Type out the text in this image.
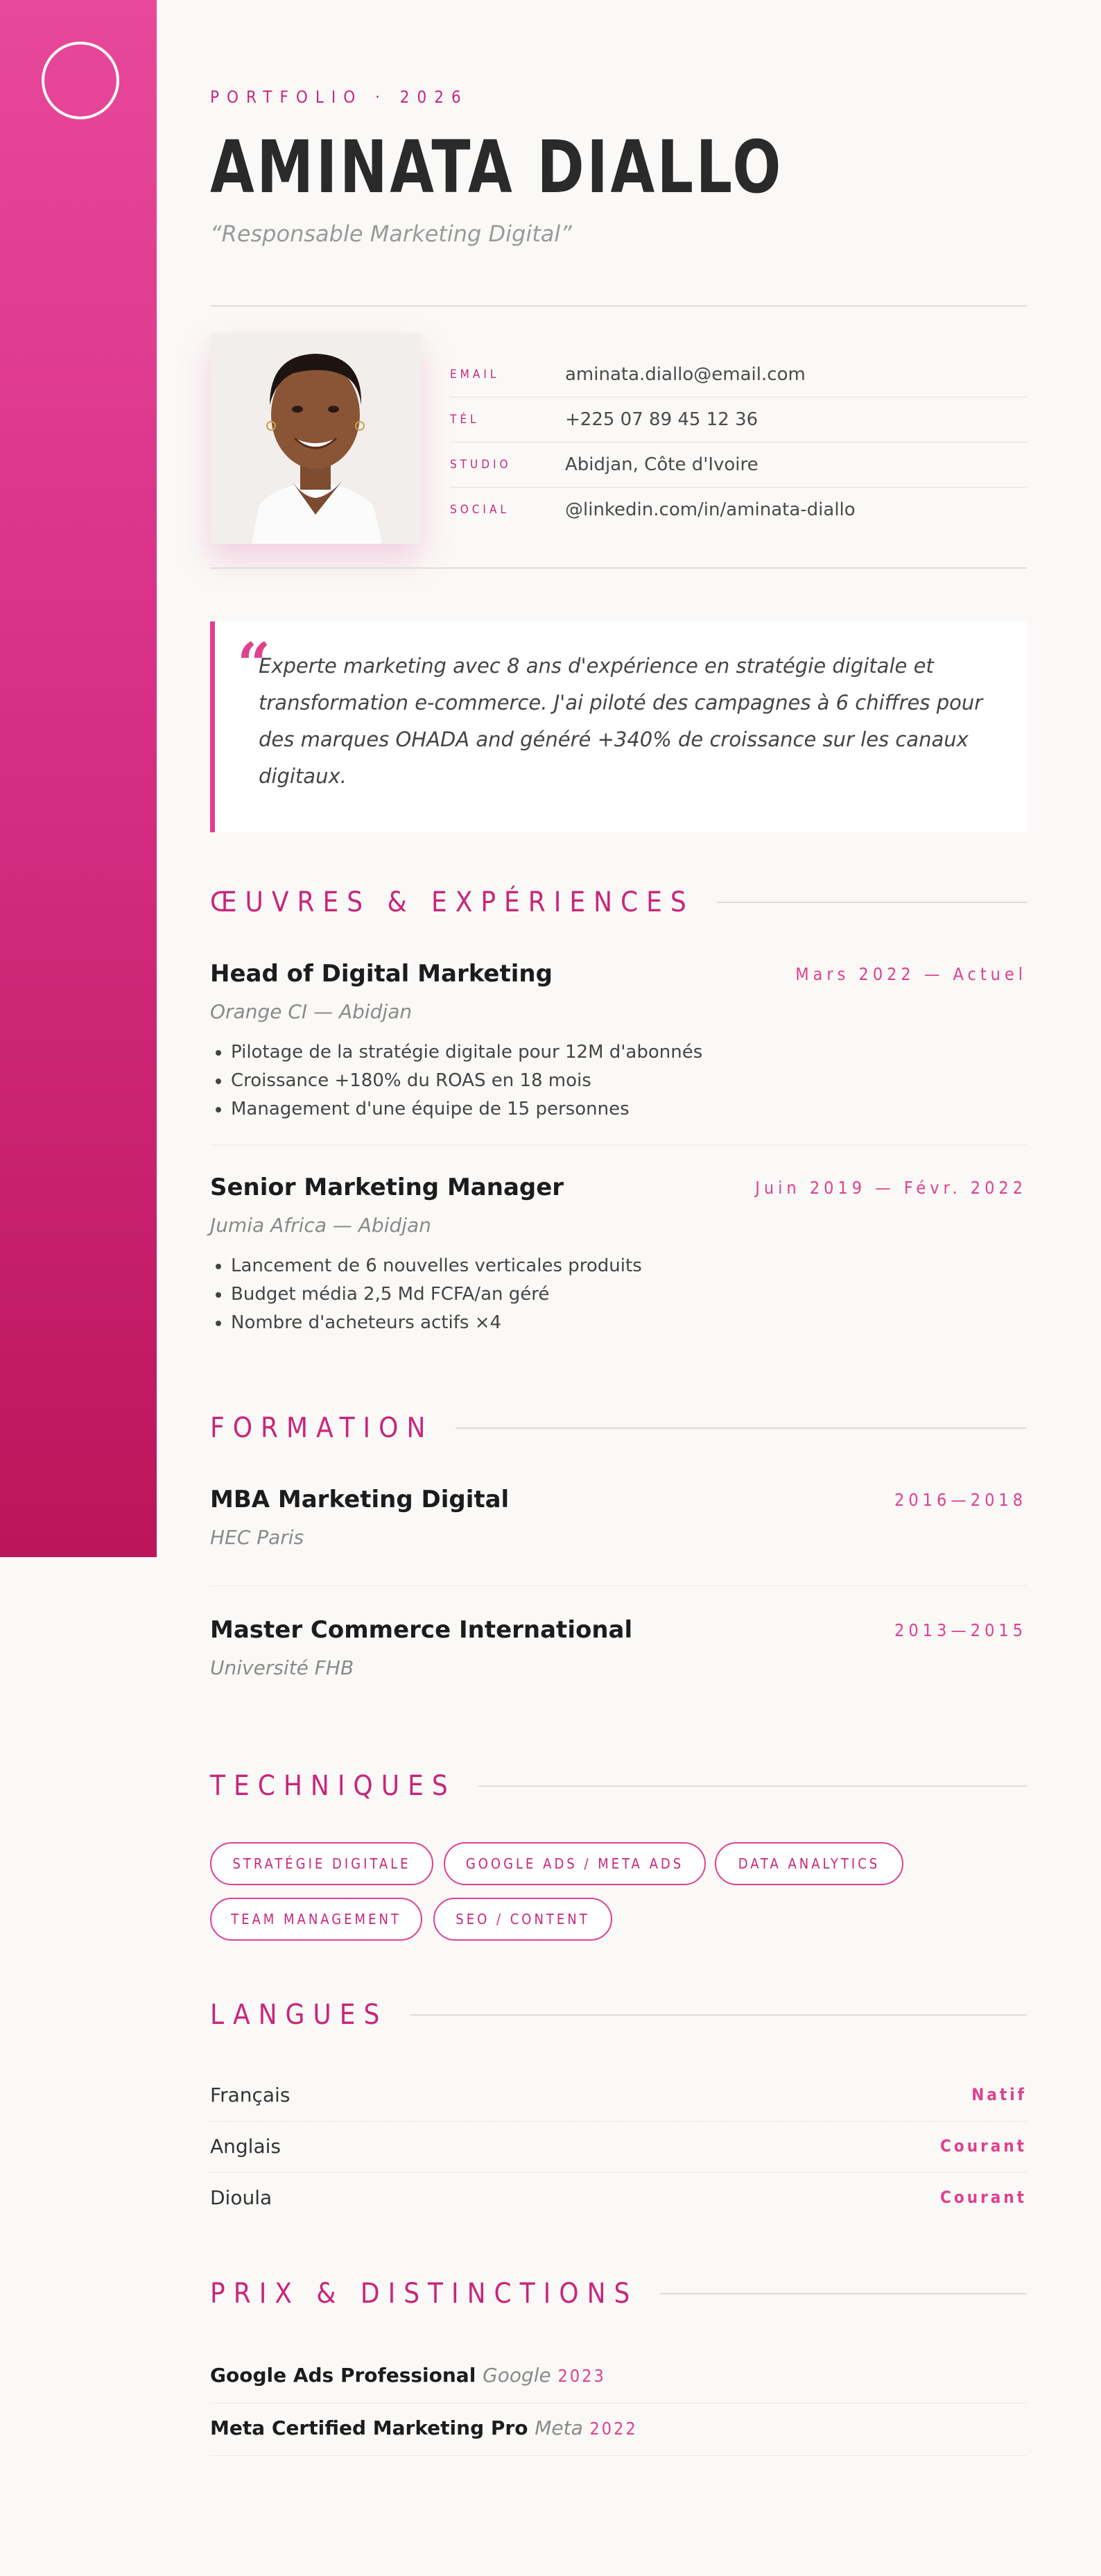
PORTFOLIO · 2026
AMINATA DIALLO
“Responsable Marketing Digital”
EMAIL	aminata.diallo@email.com
TÉL	+225 07 89 45 12 36
STUDIO	Abidjan, Côte d'Ivoire
SOCIAL	@linkedin.com/in/aminata-diallo
“
Experte marketing avec 8 ans d'expérience en stratégie digitale et transformation e-commerce. J'ai piloté des campagnes à 6 chiffres pour des marques OHADA and généré +340% de croissance sur les canaux digitaux.
ŒUVRES & EXPÉRIENCES
Head of Digital Marketing	Mars 2022 — Actuel
Orange CI — Abidjan
• Pilotage de la stratégie digitale pour 12M d'abonnés
• Croissance +180% du ROAS en 18 mois
• Management d'une équipe de 15 personnes
Senior Marketing Manager	Juin 2019 — Févr. 2022
Jumia Africa — Abidjan
• Lancement de 6 nouvelles verticales produits
• Budget média 2,5 Md FCFA/an géré
• Nombre d'acheteurs actifs ×4
FORMATION
MBA Marketing Digital	2016—2018
HEC Paris
Master Commerce International	2013—2015
Université FHB
TECHNIQUES
STRATÉGIE DIGITALE	GOOGLE ADS / META ADS	DATA ANALYTICS
TEAM MANAGEMENT	SEO / CONTENT
LANGUES
Français	Natif
Anglais	Courant
Dioula	Courant
PRIX & DISTINCTIONS
Google Ads Professional Google 2023
Meta Certified Marketing Pro Meta 2022
